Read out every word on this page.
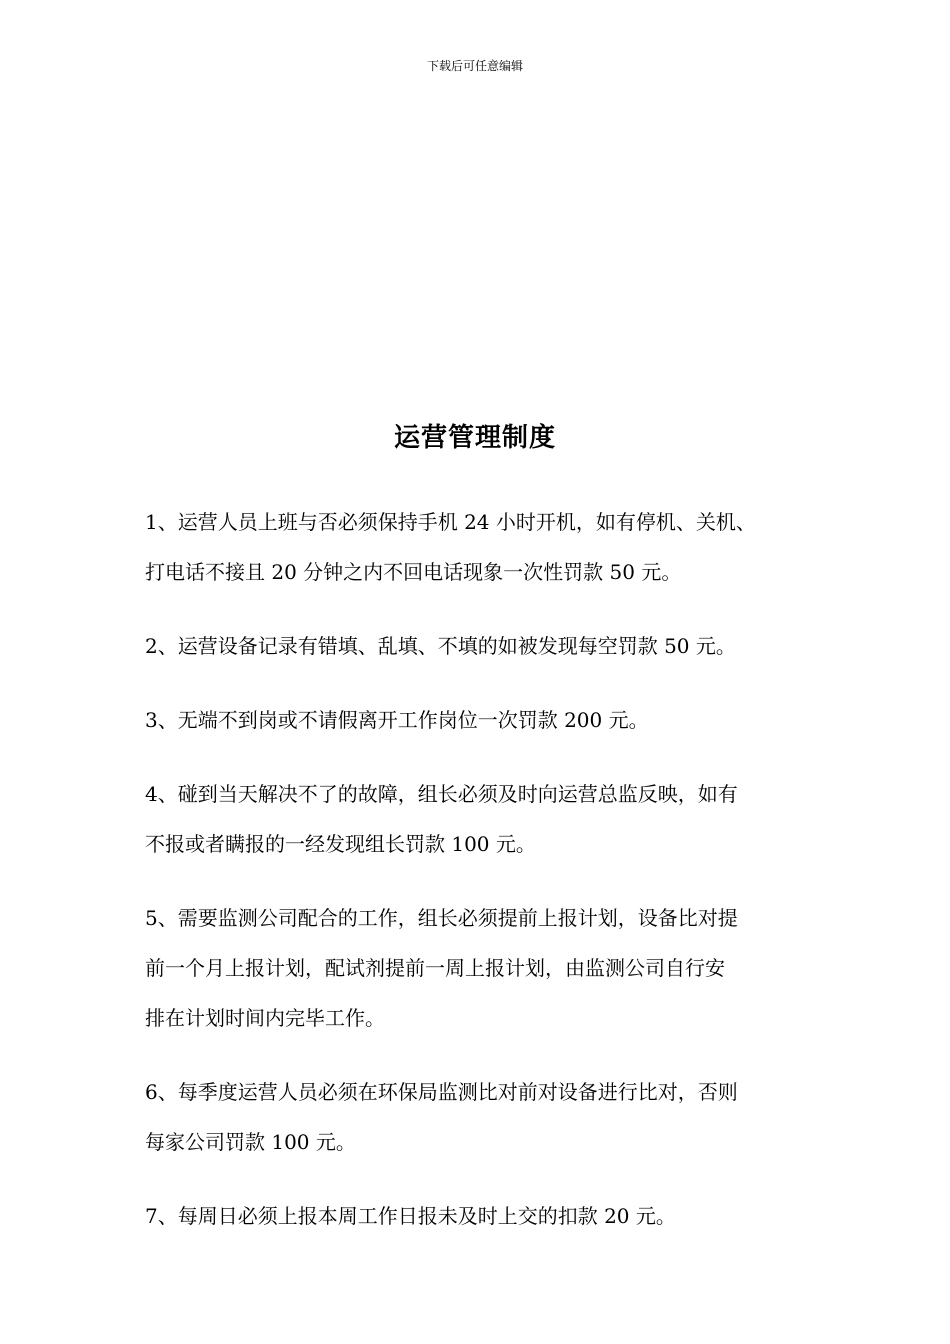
下载后可任意编辑
运营管理制度
1、运营人员上班与否必须保持手机 24 小时开机，如有停机、关机、
打电话不接且 20 分钟之内不回电话现象一次性罚款 50 元。
2、运营设备记录有错填、乱填、不填的如被发现每空罚款 50 元。
3、无端不到岗或不请假离开工作岗位一次罚款 200 元。
4、碰到当天解决不了的故障，组长必须及时向运营总监反映，如有
不报或者瞒报的一经发现组长罚款 100 元。
5、需要监测公司配合的工作，组长必须提前上报计划，设备比对提
前一个月上报计划，配试剂提前一周上报计划，由监测公司自行安
排在计划时间内完毕工作。
6、每季度运营人员必须在环保局监测比对前对设备进行比对，否则
每家公司罚款 100 元。
7、每周日必须上报本周工作日报未及时上交的扣款 20 元。
